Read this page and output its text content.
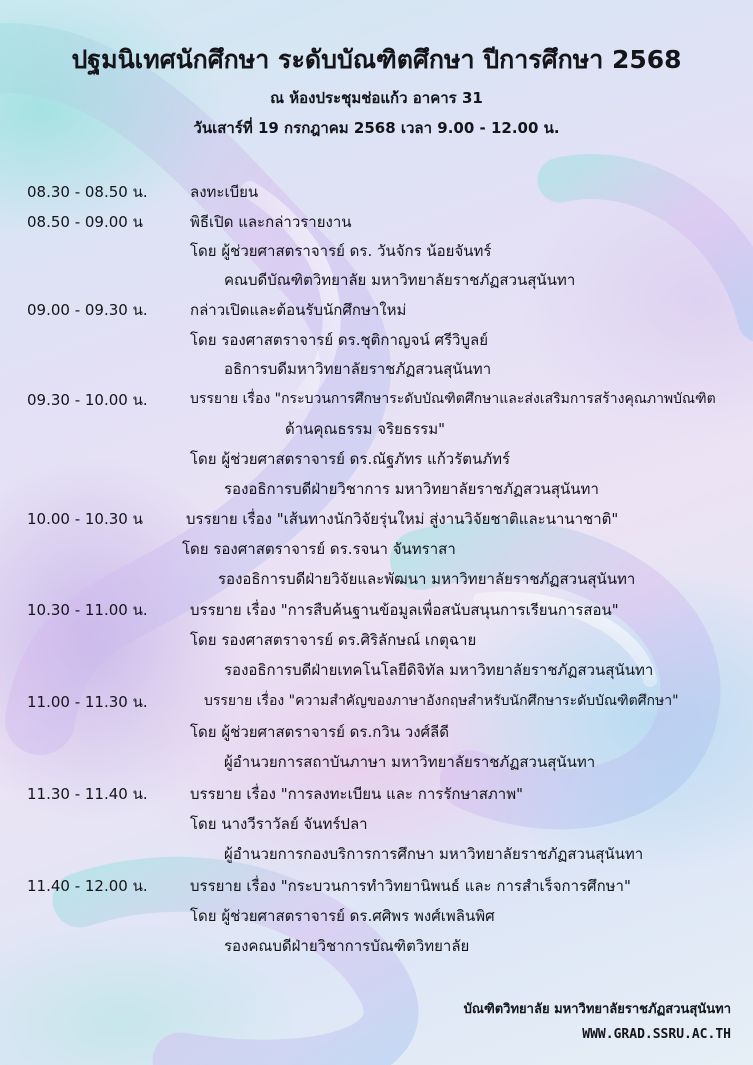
ปฐมนิเทศนักศึกษา ระดับบัณฑิตศึกษา ปีการศึกษา 2568
ณ ห้องประชุมช่อแก้ว อาคาร 31
วันเสาร์ที่ 19 กรกฎาคม 2568 เวลา 9.00 - 12.00 น.
08.30 - 08.50 น.	ลงทะเบียน
08.50 - 09.00 น	พิธีเปิด และกล่าวรายงาน
โดย ผู้ช่วยศาสตราจารย์ ดร. วันจักร น้อยจันทร์
คณบดีบัณฑิตวิทยาลัย มหาวิทยาลัยราชภัฏสวนสุนันทา
09.00 - 09.30 น.	กล่าวเปิดและต้อนรับนักศึกษาใหม่
โดย รองศาสตราจารย์ ดร.ชุติกาญจน์ ศรีวิบูลย์
อธิการบดีมหาวิทยาลัยราชภัฏสวนสุนันทา
09.30 - 10.00 น.	บรรยาย เรื่อง "กระบวนการศึกษาระดับบัณฑิตศึกษาและส่งเสริมการสร้างคุณภาพบัณฑิต
ด้านคุณธรรม จริยธรรม"
โดย ผู้ช่วยศาสตราจารย์ ดร.ณัฐภัทร แก้วรัตนภัทร์
รองอธิการบดีฝ่ายวิชาการ มหาวิทยาลัยราชภัฏสวนสุนันทา
10.00 - 10.30 น	บรรยาย เรื่อง "เส้นทางนักวิจัยรุ่นใหม่ สู่งานวิจัยชาติและนานาชาติ"
โดย รองศาสตราจารย์ ดร.รจนา จันทราสา
รองอธิการบดีฝ่ายวิจัยและพัฒนา มหาวิทยาลัยราชภัฏสวนสุนันทา
10.30 - 11.00 น.	บรรยาย เรื่อง "การสืบค้นฐานข้อมูลเพื่อสนับสนุนการเรียนการสอน"
โดย รองศาสตราจารย์ ดร.ศิริลักษณ์ เกตุฉาย
รองอธิการบดีฝ่ายเทคโนโลยีดิจิทัล มหาวิทยาลัยราชภัฏสวนสุนันทา
11.00 - 11.30 น.	บรรยาย เรื่อง "ความสำคัญของภาษาอังกฤษสำหรับนักศึกษาระดับบัณฑิตศึกษา"
โดย ผู้ช่วยศาสตราจารย์ ดร.กวิน วงศ์ลีดี
ผู้อำนวยการสถาบันภาษา มหาวิทยาลัยราชภัฏสวนสุนันทา
11.30 - 11.40 น.	บรรยาย เรื่อง "การลงทะเบียน และ การรักษาสภาพ"
โดย นางวีราวัลย์ จันทร์ปลา
ผู้อำนวยการกองบริการการศึกษา มหาวิทยาลัยราชภัฏสวนสุนันทา
11.40 - 12.00 น.	บรรยาย เรื่อง "กระบวนการทำวิทยานิพนธ์ และ การสำเร็จการศึกษา"
โดย ผู้ช่วยศาสตราจารย์ ดร.ศศิพร พงศ์เพลินพิศ
รองคณบดีฝ่ายวิชาการบัณฑิตวิทยาลัย
บัณฑิตวิทยาลัย มหาวิทยาลัยราชภัฏสวนสุนันทา
WWW.GRAD.SSRU.AC.TH
